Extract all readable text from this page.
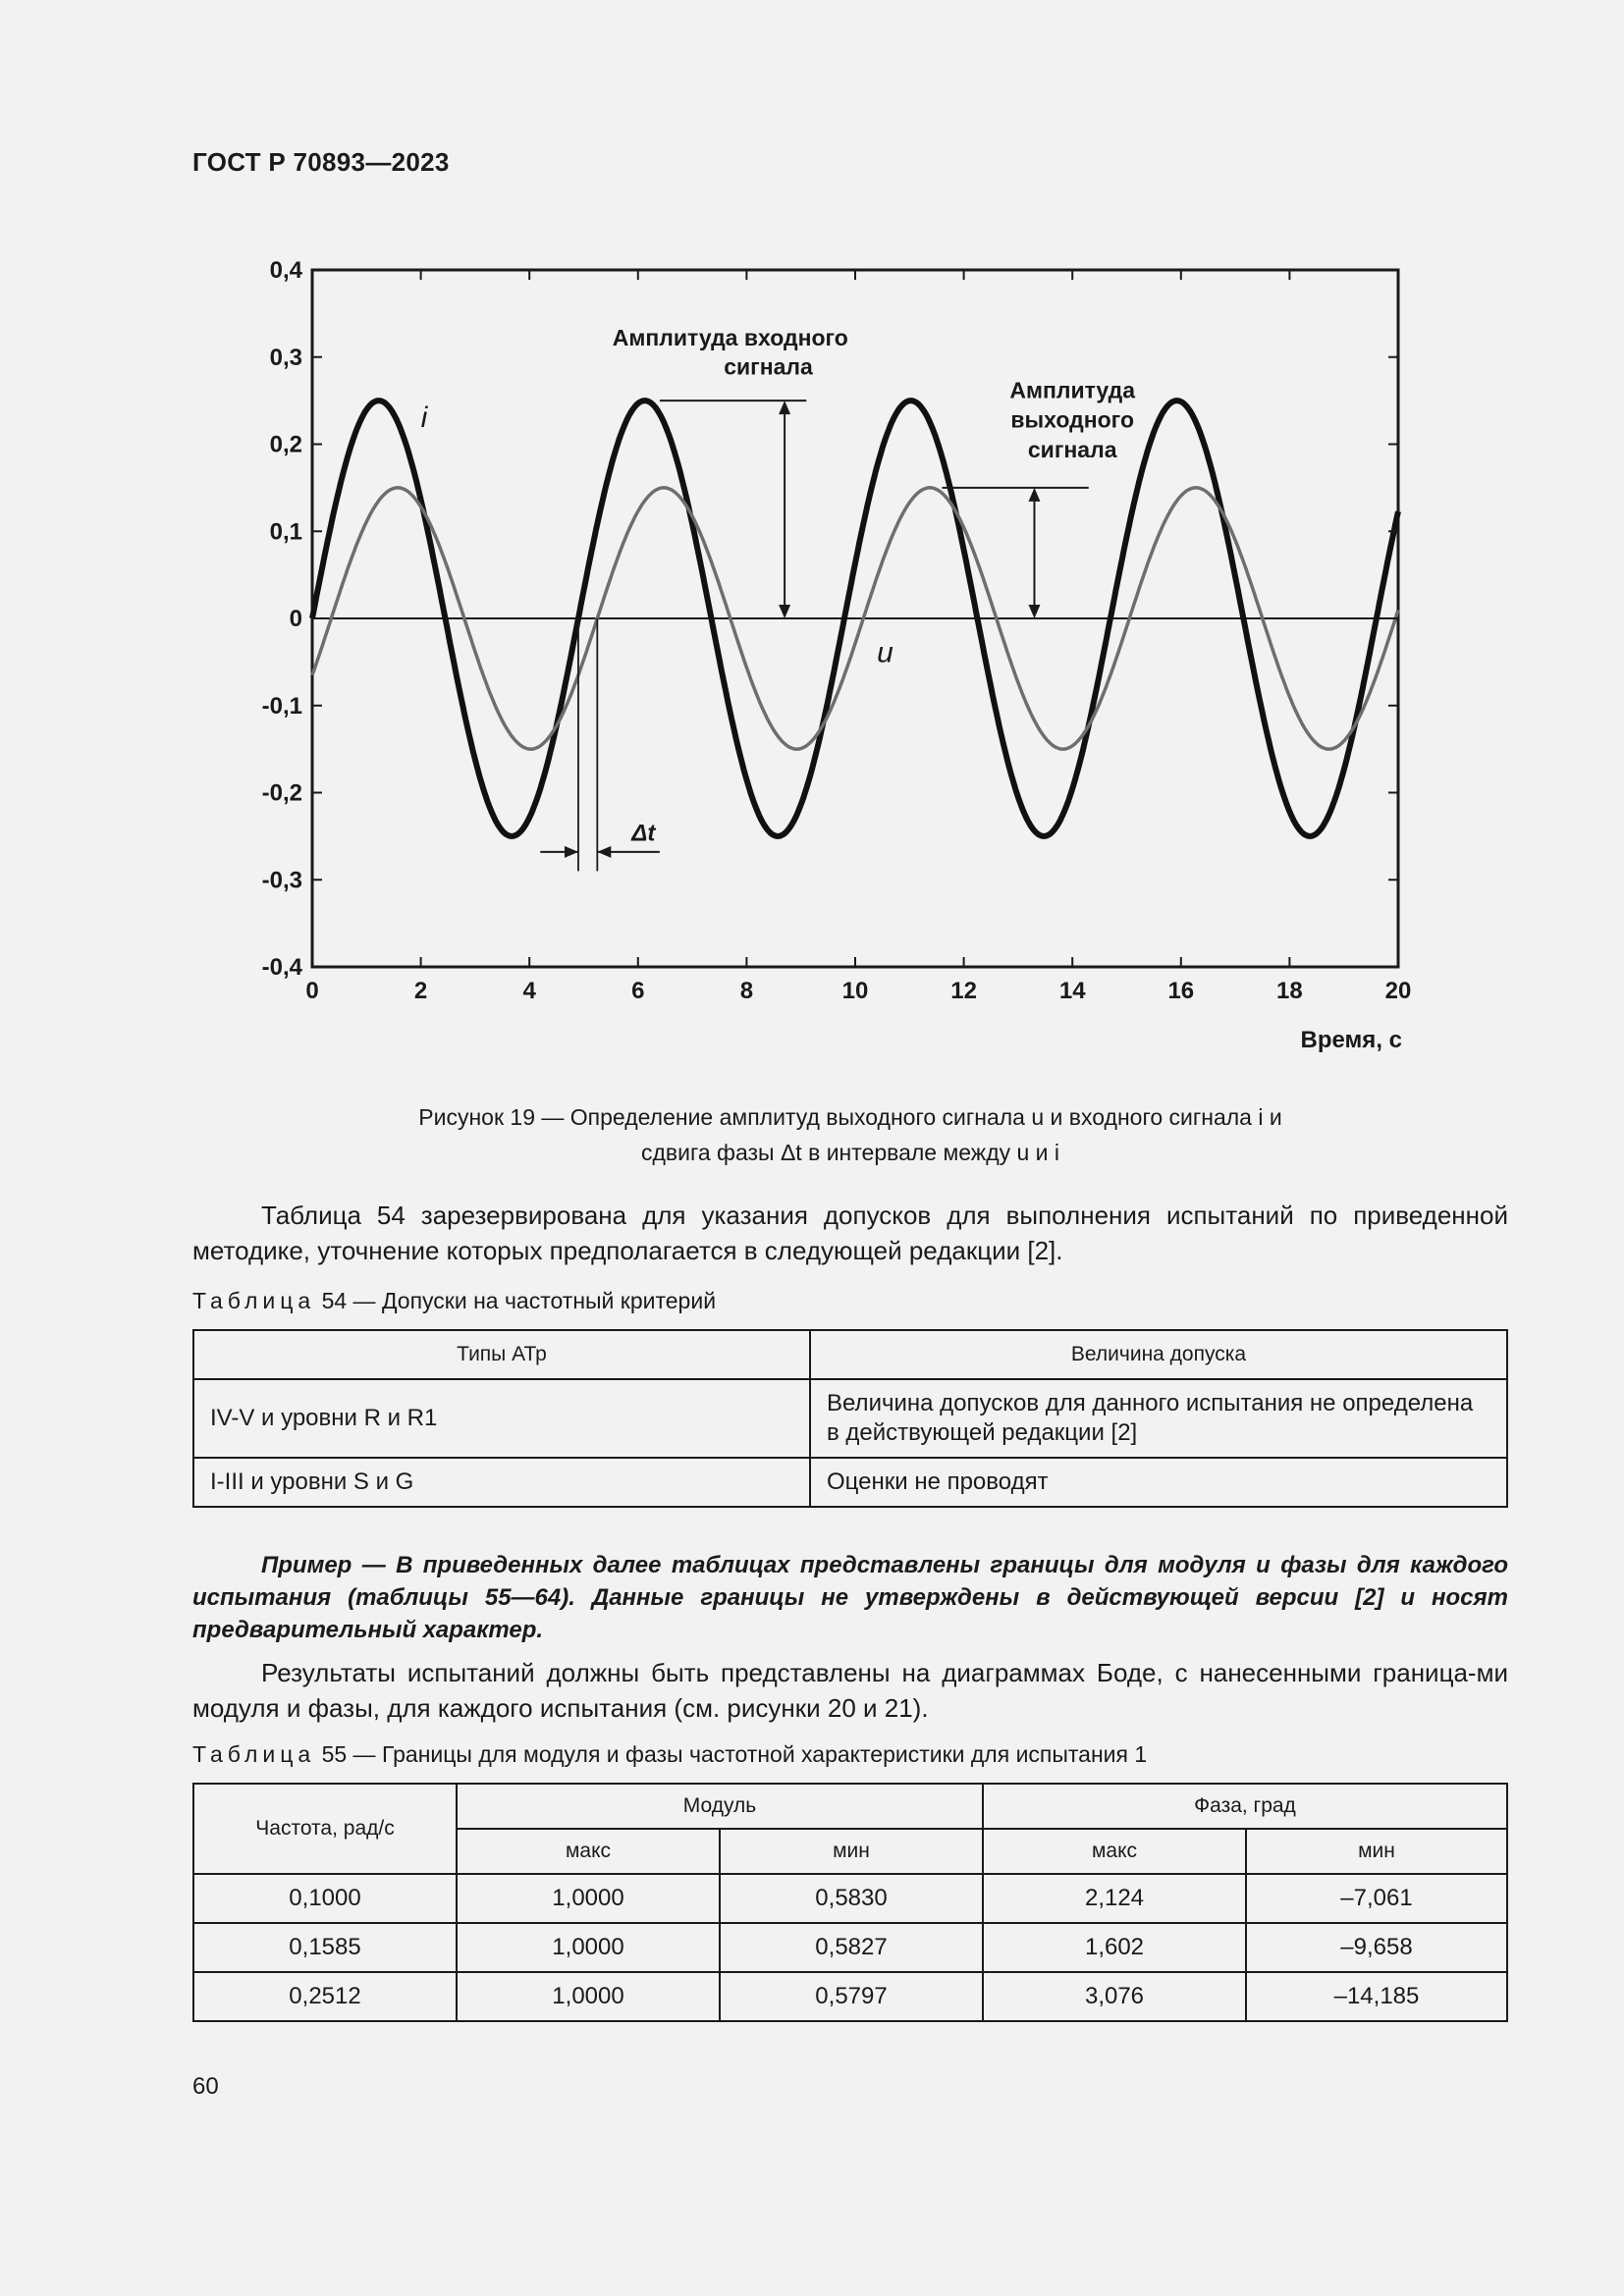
ГОСТ Р 70893—2023
0	2	4	6	8	10	12	14	16	18	20
0,4
0,3
0,2
0,1
0
-0,1
-0,2
-0,3
-0,4
Время, с
i
u
Амплитуда входного
сигнала
Амплитуда
выходного
сигнала
Δt
Рисунок 19 — Определение амплитуд выходного сигнала u и входного сигнала i и
сдвига фазы Δt в интервале между u и i
Таблица 54 зарезервирована для указания допусков для выполнения испытаний по приведенной методике, уточнение которых предполагается в следующей редакции [2].
Таблица 54 — Допуски на частотный критерий
Типы АТр	Величина допуска
IV-V и уровни R и R1	Величина допусков для данного испытания не определена в действующей редакции [2]
I-III и уровни S и G	Оценки не проводят
Пример — В приведенных далее таблицах представлены границы для модуля и фазы для каждого испытания (таблицы 55—64). Данные границы не утверждены в действующей версии [2] и носят предварительный характер.
Результаты испытаний должны быть представлены на диаграммах Боде, с нанесенными граница-ми модуля и фазы, для каждого испытания (см. рисунки 20 и 21).
Таблица 55 — Границы для модуля и фазы частотной характеристики для испытания 1
Частота, рад/с	Модуль		Фаза, град	
	макс	мин	макс	мин
0,1000	1,0000	0,5830	2,124	–7,061
0,1585	1,0000	0,5827	1,602	–9,658
0,2512	1,0000	0,5797	3,076	–14,185
60
